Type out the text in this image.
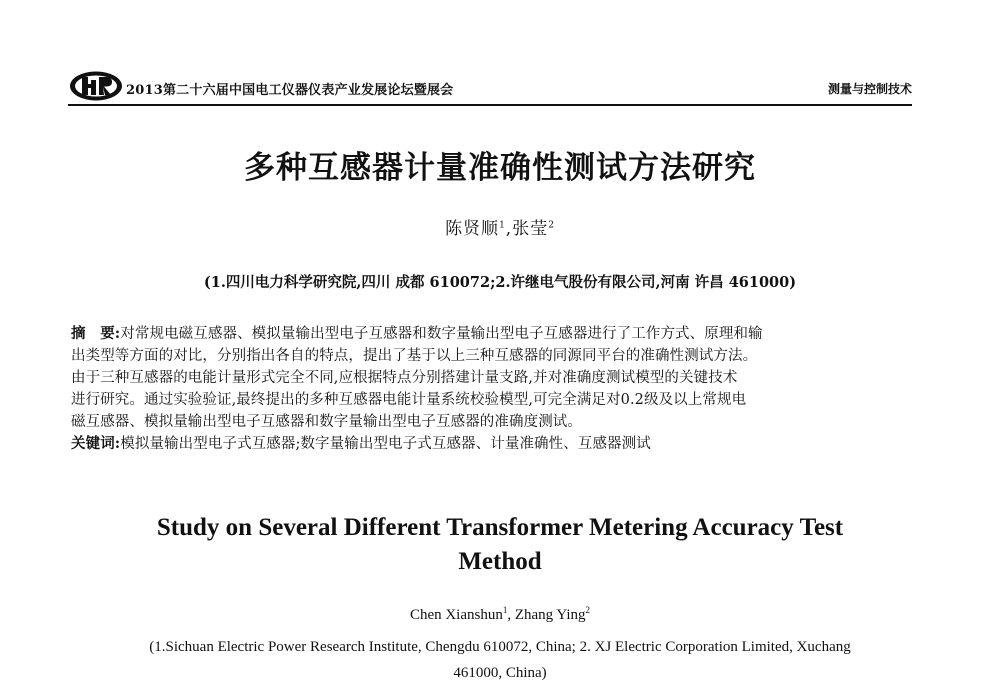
2013第二十六届中国电工仪器仪表产业发展论坛暨展会	测量与控制技术
多种互感器计量准确性测试方法研究
陈贤顺$^1$,张莹$^2$
(1.四川电力科学研究院,四川 成都 610072;2.许继电气股份有限公司,河南 许昌 461000)
摘　要:对常规电磁互感器、模拟量输出型电子互感器和数字量输出型电子互感器进行了工作方式、原理和输
出类型等方面的对比，分别指出各自的特点，提出了基于以上三种互感器的同源同平台的准确性测试方法。
由于三种互感器的电能计量形式完全不同,应根据特点分别搭建计量支路,并对准确度测试模型的关键技术
进行研究。通过实验验证,最终提出的多种互感器电能计量系统校验模型,可完全满足对0.2级及以上常规电
磁互感器、模拟量输出型电子互感器和数字量输出型电子互感器的准确度测试。
关键词:模拟量输出型电子式互感器;数字量输出型电子式互感器、计量准确性、互感器测试
Study on Several Different Transformer Metering Accuracy Test
Method
Chen Xianshun$^1$, Zhang Ying$^2$
(1.Sichuan Electric Power Research Institute, Chengdu 610072, China; 2. XJ Electric Corporation Limited, Xuchang
461000, China)
